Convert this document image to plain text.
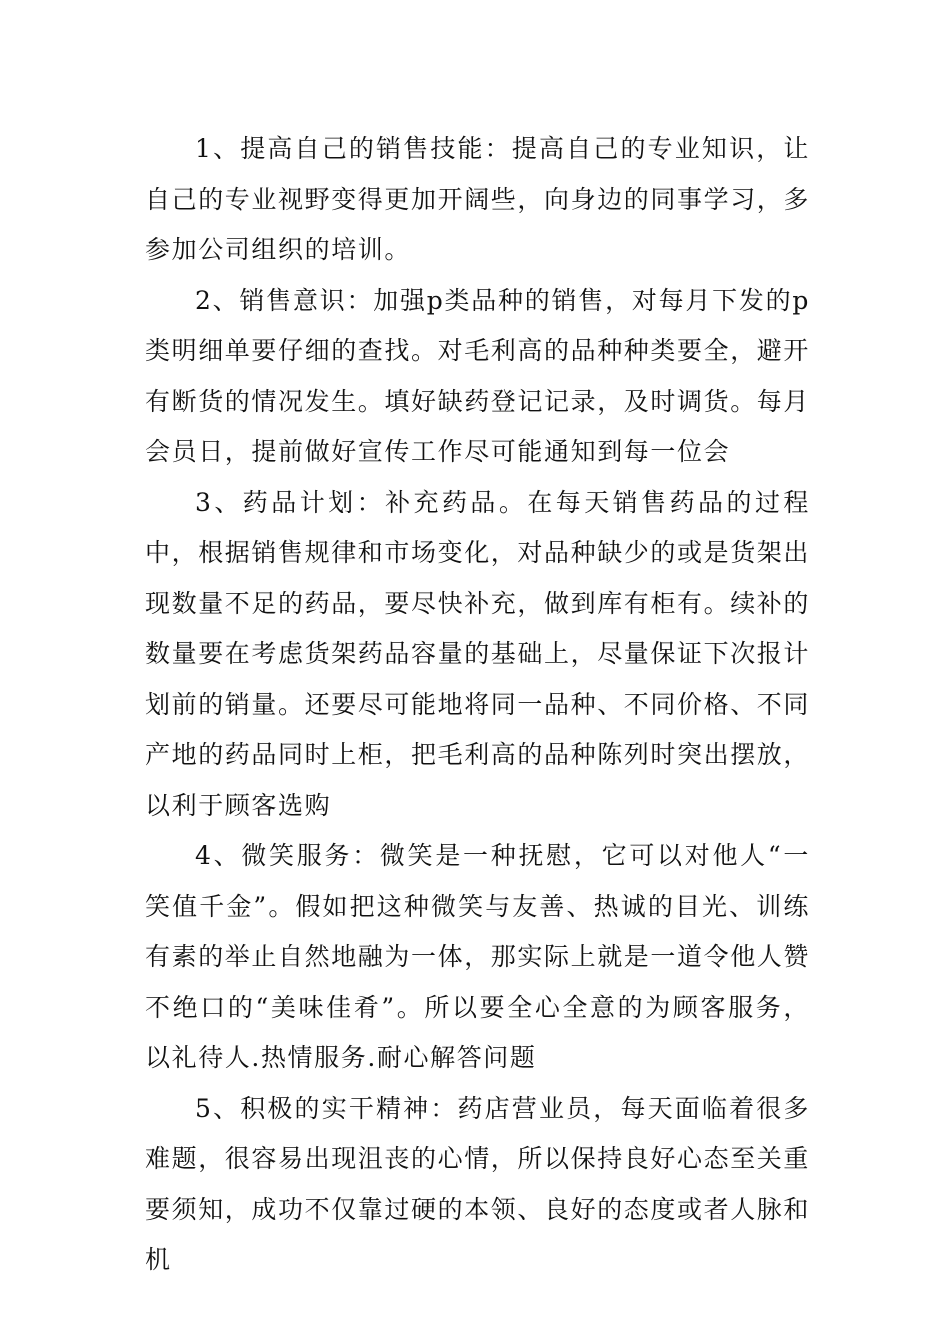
1、提高自己的销售技能：提高自己的专业知识，让自己的专业视野变得更加开阔些，向身边的同事学习，多参加公司组织的培训。

2、销售意识：加强p类品种的销售，对每月下发的p类明细单要仔细的查找。对毛利高的品种种类要全，避开有断货的情况发生。填好缺药登记记录，及时调货。每月会员日，提前做好宣传工作尽可能通知到每一位会

3、药品计划：补充药品。在每天销售药品的过程中，根据销售规律和市场变化，对品种缺少的或是货架出现数量不足的药品，要尽快补充，做到库有柜有。续补的数量要在考虑货架药品容量的基础上，尽量保证下次报计划前的销量。还要尽可能地将同一品种、不同价格、不同产地的药品同时上柜，把毛利高的品种陈列时突出摆放，以利于顾客选购

4、微笑服务：微笑是一种抚慰，它可以对他人“一笑值千金”。假如把这种微笑与友善、热诚的目光、训练有素的举止自然地融为一体，那实际上就是一道令他人赞不绝口的“美味佳肴”。所以要全心全意的为顾客服务，以礼待人.热情服务.耐心解答问题

5、积极的实干精神：药店营业员，每天面临着很多难题，很容易出现沮丧的心情，所以保持良好心态至关重要须知，成功不仅靠过硬的本领、良好的态度或者人脉和机
